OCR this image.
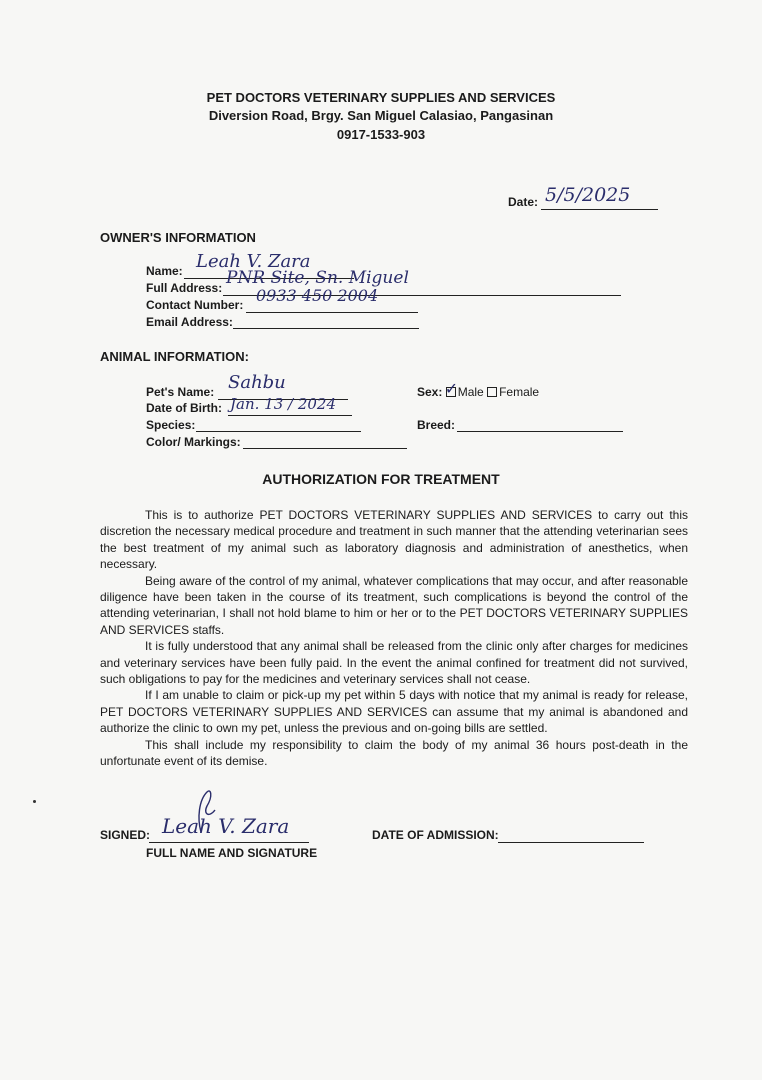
PET DOCTORS VETERINARY SUPPLIES AND SERVICES
Diversion Road, Brgy. San Miguel Calasiao, Pangasinan
0917-1533-903
Date: 5/5/2025
OWNER'S INFORMATION
Name: Leah V. Zara
Full Address: PNR Site, Sn. Miguel
Contact Number: 0933 450 2004
Email Address:
ANIMAL INFORMATION:
Pet's Name: Sahbu
Date of Birth: Jan. 13 / 2024
Species:
Color/ Markings:
Sex: ✓ Male Female
Breed:
AUTHORIZATION FOR TREATMENT

This is to authorize PET DOCTORS VETERINARY SUPPLIES AND SERVICES to carry out this discretion the necessary medical procedure and treatment in such manner that the attending veterinarian sees the best treatment of my animal such as laboratory diagnosis and administration of anesthetics, when necessary.

Being aware of the control of my animal, whatever complications that may occur, and after reasonable diligence have been taken in the course of its treatment, such complications is beyond the control of the attending veterinarian, I shall not hold blame to him or her or to the PET DOCTORS VETERINARY SUPPLIES AND SERVICES staffs.

It is fully understood that any animal shall be released from the clinic only after charges for medicines and veterinary services have been fully paid. In the event the animal confined for treatment did not survived, such obligations to pay for the medicines and veterinary services shall not cease.

If I am unable to claim or pick-up my pet within 5 days with notice that my animal is ready for release, PET DOCTORS VETERINARY SUPPLIES AND SERVICES can assume that my animal is abandoned and authorize the clinic to own my pet, unless the previous and on-going bills are settled.

This shall include my responsibility to claim the body of my animal 36 hours post-death in the unfortunate event of its demise.

SIGNED: Leah V. Zara
FULL NAME AND SIGNATURE
DATE OF ADMISSION:
